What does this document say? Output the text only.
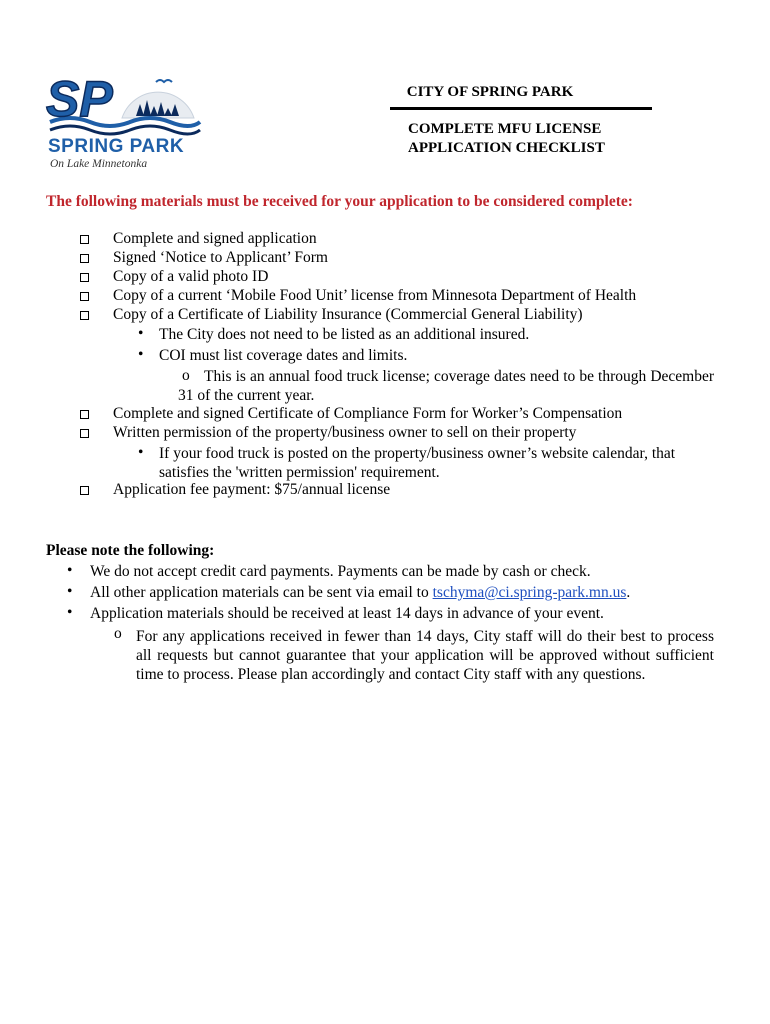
SP
SPRING PARK
On Lake Minnetonka
CITY OF SPRING PARK
COMPLETE MFU LICENSE
APPLICATION CHECKLIST
The following materials must be received for your application to be considered complete:
Complete and signed application
Signed ‘Notice to Applicant’ Form
Copy of a valid photo ID
Copy of a current ‘Mobile Food Unit’ license from Minnesota Department of Health
Copy of a Certificate of Liability Insurance (Commercial General Liability)
• The City does not need to be listed as an additional insured.
• COI must list coverage dates and limits.
o This is an annual food truck license; coverage dates need to be through December 31 of the current year.
Complete and signed Certificate of Compliance Form for Worker’s Compensation
Written permission of the property/business owner to sell on their property
• If your food truck is posted on the property/business owner’s website calendar, that satisfies the 'written permission' requirement.
Application fee payment: $75/annual license
Please note the following:
• We do not accept credit card payments. Payments can be made by cash or check.
• All other application materials can be sent via email to tschyma@ci.spring-park.mn.us.
• Application materials should be received at least 14 days in advance of your event.
o For any applications received in fewer than 14 days, City staff will do their best to process all requests but cannot guarantee that your application will be approved without sufficient time to process. Please plan accordingly and contact City staff with any questions.
